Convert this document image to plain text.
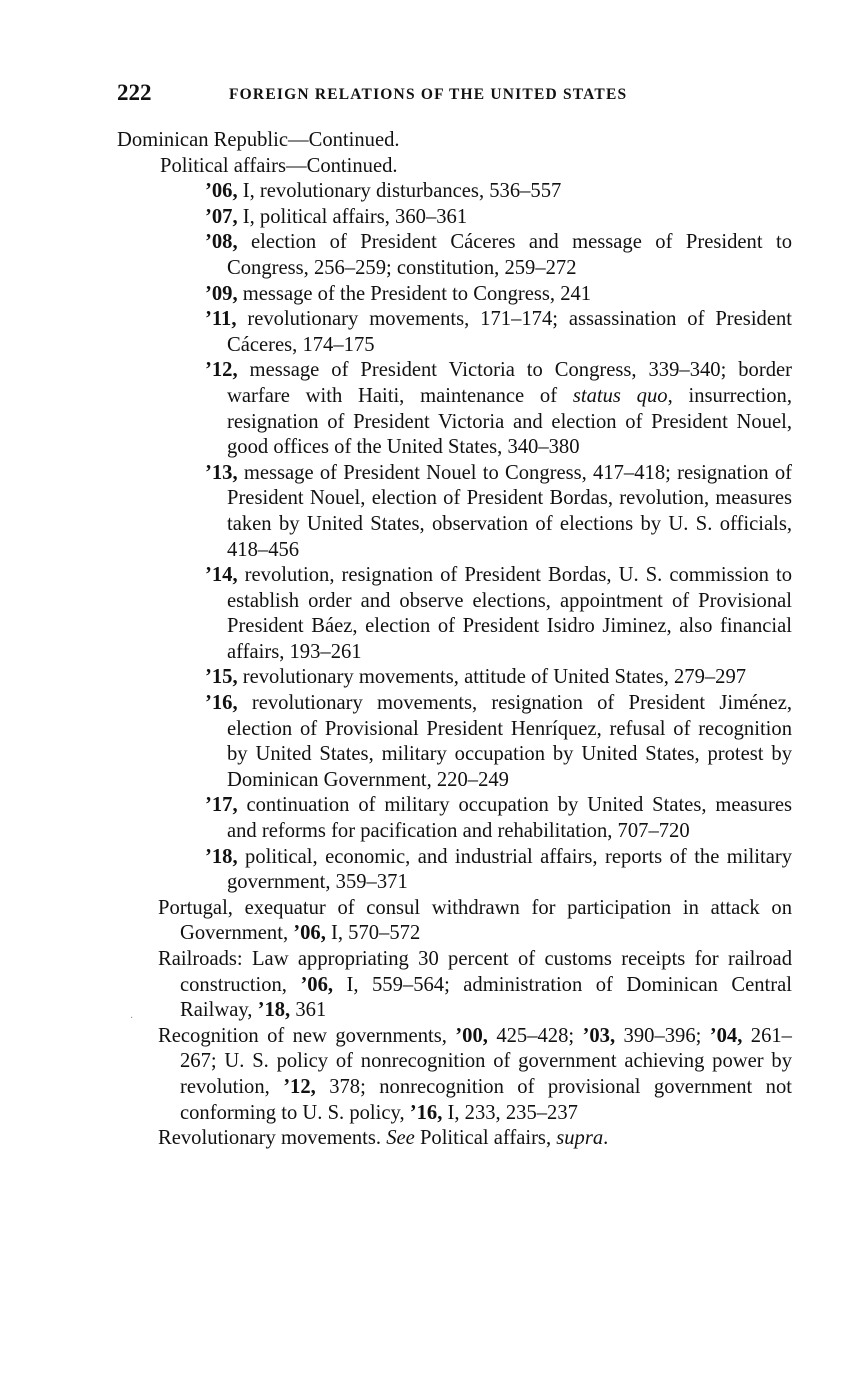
222	FOREIGN RELATIONS OF THE UNITED STATES

Dominican Republic—Continued.

Political affairs—Continued.

’06, I, revolutionary disturbances, 536–557

’07, I, political affairs, 360–361

’08, election of President Cáceres and message of President to Congress, 256–259; constitution, 259–272

’09, message of the President to Congress, 241

’11, revolutionary movements, 171–174; assassination of President Cáceres, 174–175

’12, message of President Victoria to Congress, 339–340; border warfare with Haiti, maintenance of status quo, insurrection, resignation of President Victoria and election of President Nouel, good offices of the United States, 340–380

’13, message of President Nouel to Congress, 417–418; resignation of President Nouel, election of President Bordas, revolution, measures taken by United States, observation of elections by U. S. officials, 418–456

’14, revolution, resignation of President Bordas, U. S. commission to establish order and observe elections, appointment of Provisional President Báez, election of President Isidro Jiminez, also financial affairs, 193–261

’15, revolutionary movements, attitude of United States, 279–297

’16, revolutionary movements, resignation of President Jiménez, election of Provisional President Henríquez, refusal of recognition by United States, military occupation by United States, protest by Dominican Government, 220–249

’17, continuation of military occupation by United States, measures and reforms for pacification and rehabilitation, 707–720

’18, political, economic, and industrial affairs, reports of the military government, 359–371

Portugal, exequatur of consul withdrawn for participation in attack on Government, ’06, I, 570–572

Railroads: Law appropriating 30 percent of customs receipts for railroad construction, ’06, I, 559–564; administration of Dominican Central Railway, ’18, 361

Recognition of new governments, ’00, 425–428; ’03, 390–396; ’04, 261–267; U. S. policy of nonrecognition of government achieving power by revolution, ’12, 378; nonrecognition of provisional government not conforming to U. S. policy, ’16, I, 233, 235–237

Revolutionary movements. See Political affairs, supra.

·
